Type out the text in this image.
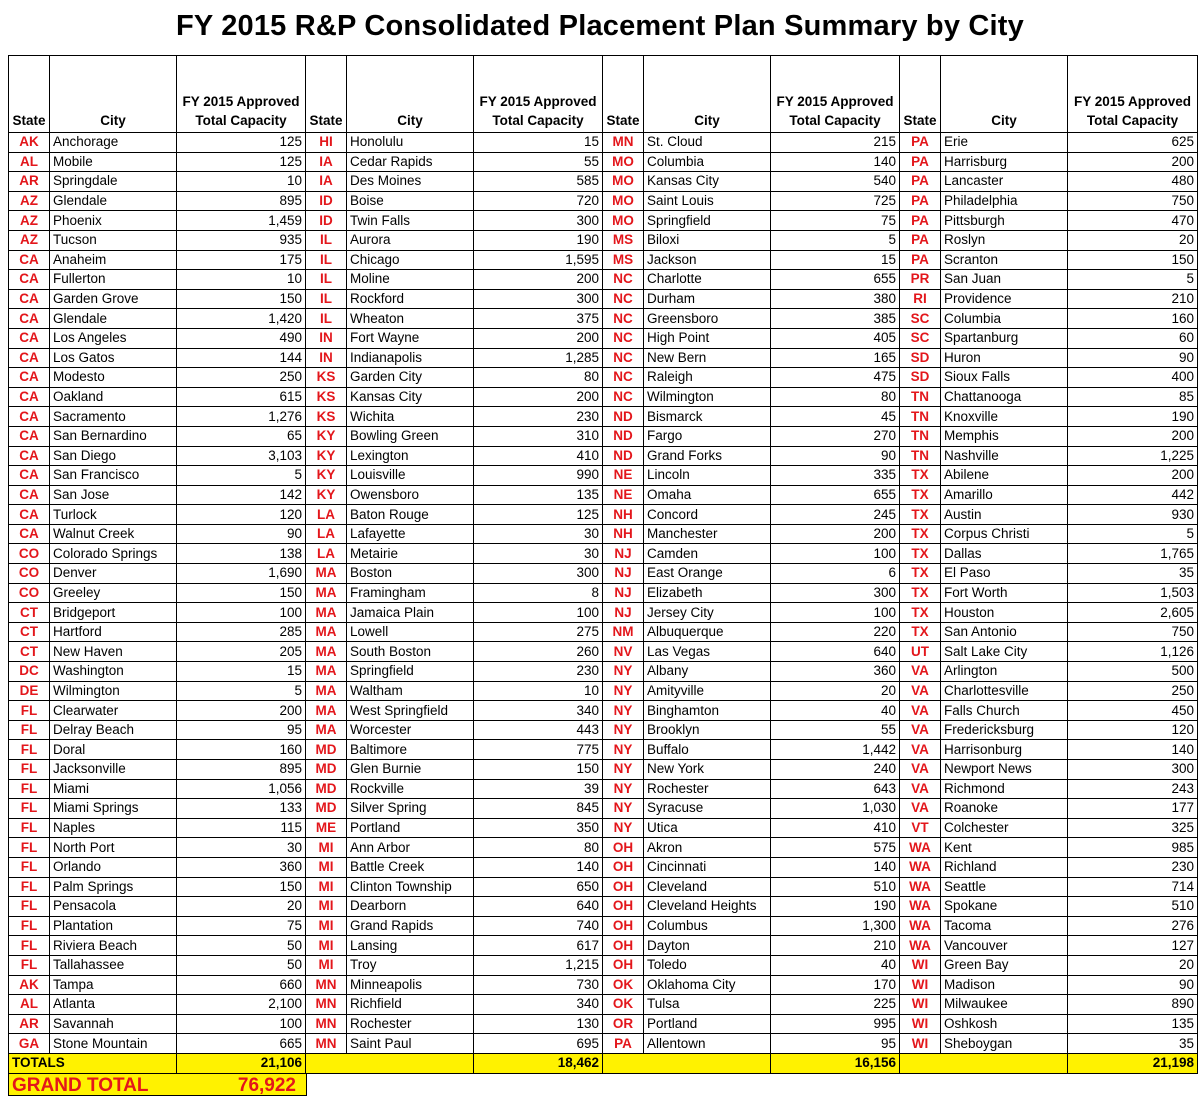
FY 2015 R&P Consolidated Placement Plan Summary by City
State	City	FY 2015 Approved Total Capacity	State	City	FY 2015 Approved Total Capacity	State	City	FY 2015 Approved Total Capacity	State	City	FY 2015 Approved Total Capacity
AK	Anchorage	125	HI	Honolulu	15	MN	St. Cloud	215	PA	Erie	625
AL	Mobile	125	IA	Cedar Rapids	55	MO	Columbia	140	PA	Harrisburg	200
AR	Springdale	10	IA	Des Moines	585	MO	Kansas City	540	PA	Lancaster	480
AZ	Glendale	895	ID	Boise	720	MO	Saint Louis	725	PA	Philadelphia	750
AZ	Phoenix	1,459	ID	Twin Falls	300	MO	Springfield	75	PA	Pittsburgh	470
AZ	Tucson	935	IL	Aurora	190	MS	Biloxi	5	PA	Roslyn	20
CA	Anaheim	175	IL	Chicago	1,595	MS	Jackson	15	PA	Scranton	150
CA	Fullerton	10	IL	Moline	200	NC	Charlotte	655	PR	San Juan	5
CA	Garden Grove	150	IL	Rockford	300	NC	Durham	380	RI	Providence	210
CA	Glendale	1,420	IL	Wheaton	375	NC	Greensboro	385	SC	Columbia	160
CA	Los Angeles	490	IN	Fort Wayne	200	NC	High Point	405	SC	Spartanburg	60
CA	Los Gatos	144	IN	Indianapolis	1,285	NC	New Bern	165	SD	Huron	90
CA	Modesto	250	KS	Garden City	80	NC	Raleigh	475	SD	Sioux Falls	400
CA	Oakland	615	KS	Kansas City	200	NC	Wilmington	80	TN	Chattanooga	85
CA	Sacramento	1,276	KS	Wichita	230	ND	Bismarck	45	TN	Knoxville	190
CA	San Bernardino	65	KY	Bowling Green	310	ND	Fargo	270	TN	Memphis	200
CA	San Diego	3,103	KY	Lexington	410	ND	Grand Forks	90	TN	Nashville	1,225
CA	San Francisco	5	KY	Louisville	990	NE	Lincoln	335	TX	Abilene	200
CA	San Jose	142	KY	Owensboro	135	NE	Omaha	655	TX	Amarillo	442
CA	Turlock	120	LA	Baton Rouge	125	NH	Concord	245	TX	Austin	930
CA	Walnut Creek	90	LA	Lafayette	30	NH	Manchester	200	TX	Corpus Christi	5
CO	Colorado Springs	138	LA	Metairie	30	NJ	Camden	100	TX	Dallas	1,765
CO	Denver	1,690	MA	Boston	300	NJ	East Orange	6	TX	El Paso	35
CO	Greeley	150	MA	Framingham	8	NJ	Elizabeth	300	TX	Fort Worth	1,503
CT	Bridgeport	100	MA	Jamaica Plain	100	NJ	Jersey City	100	TX	Houston	2,605
CT	Hartford	285	MA	Lowell	275	NM	Albuquerque	220	TX	San Antonio	750
CT	New Haven	205	MA	South Boston	260	NV	Las Vegas	640	UT	Salt Lake City	1,126
DC	Washington	15	MA	Springfield	230	NY	Albany	360	VA	Arlington	500
DE	Wilmington	5	MA	Waltham	10	NY	Amityville	20	VA	Charlottesville	250
FL	Clearwater	200	MA	West Springfield	340	NY	Binghamton	40	VA	Falls Church	450
FL	Delray Beach	95	MA	Worcester	443	NY	Brooklyn	55	VA	Fredericksburg	120
FL	Doral	160	MD	Baltimore	775	NY	Buffalo	1,442	VA	Harrisonburg	140
FL	Jacksonville	895	MD	Glen Burnie	150	NY	New York	240	VA	Newport News	300
FL	Miami	1,056	MD	Rockville	39	NY	Rochester	643	VA	Richmond	243
FL	Miami Springs	133	MD	Silver Spring	845	NY	Syracuse	1,030	VA	Roanoke	177
FL	Naples	115	ME	Portland	350	NY	Utica	410	VT	Colchester	325
FL	North Port	30	MI	Ann Arbor	80	OH	Akron	575	WA	Kent	985
FL	Orlando	360	MI	Battle Creek	140	OH	Cincinnati	140	WA	Richland	230
FL	Palm Springs	150	MI	Clinton Township	650	OH	Cleveland	510	WA	Seattle	714
FL	Pensacola	20	MI	Dearborn	640	OH	Cleveland Heights	190	WA	Spokane	510
FL	Plantation	75	MI	Grand Rapids	740	OH	Columbus	1,300	WA	Tacoma	276
FL	Riviera Beach	50	MI	Lansing	617	OH	Dayton	210	WA	Vancouver	127
FL	Tallahassee	50	MI	Troy	1,215	OH	Toledo	40	WI	Green Bay	20
AK	Tampa	660	MN	Minneapolis	730	OK	Oklahoma City	170	WI	Madison	90
AL	Atlanta	2,100	MN	Richfield	340	OK	Tulsa	225	WI	Milwaukee	890
AR	Savannah	100	MN	Rochester	130	OR	Portland	995	WI	Oshkosh	135
GA	Stone Mountain	665	MN	Saint Paul	695	PA	Allentown	95	WI	Sheboygan	35
TOTALS		21,106			18,462			16,156			21,198
GRAND TOTAL	76,922
